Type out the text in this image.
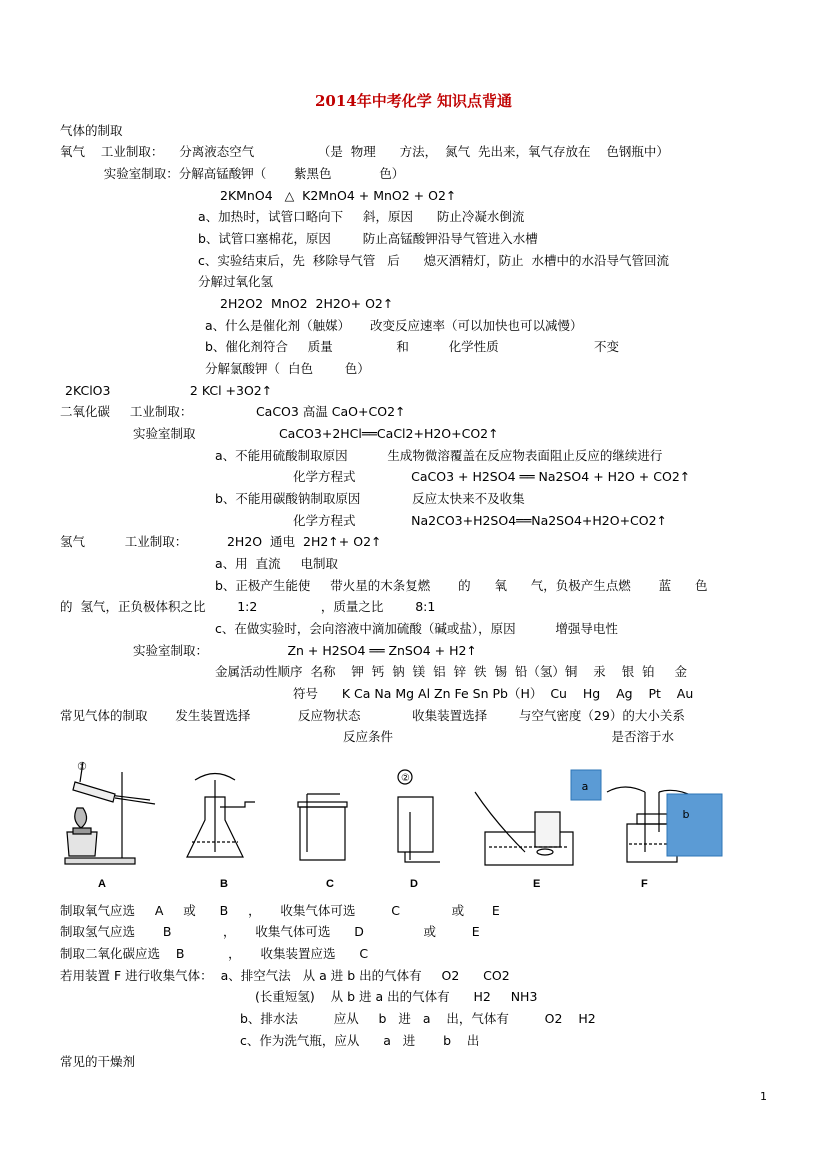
2014年中考化学 知识点背通
气体的制取
氧气    工业制取：    分离液态空气                （是  物理      方法，  氮气  先出来，氧气存放在    色钢瓶中）
实验室制取：分解高锰酸钾（       紫黑色            色）
2KMnO4   △  K2MnO4 + MnO2 + O2↑
a、加热时，试管口略向下     斜，原因      防止冷凝水倒流
b、试管口塞棉花，原因        防止高锰酸钾沿导气管进入水槽
c、实验结束后，先  移除导气管   后      熄灭酒精灯，防止  水槽中的水沿导气管回流
分解过氧化氢
2H2O2  MnO2  2H2O+ O2↑
a、什么是催化剂（触媒）     改变反应速率（可以加快也可以减慢）
b、催化剂符合     质量                和          化学性质                        不变
分解氯酸钾（  白色        色）
2KClO3                    2 KCl +3O2↑
二氧化碳     工业制取：                CaCO3 高温 CaO+CO2↑
实验室制取                     CaCO3+2HCl══CaCl2+H2O+CO2↑
a、不能用硫酸制取原因          生成物微溶覆盖在反应物表面阻止反应的继续进行
化学方程式              CaCO3 + H2SO4 ══ Na2SO4 + H2O + CO2↑
b、不能用碳酸钠制取原因             反应太快来不及收集
化学方程式              Na2CO3+H2SO4══Na2SO4+H2O+CO2↑
氢气          工业制取：          2H2O  通电  2H2↑+ O2↑
a、用  直流     电制取
b、正极产生能使     带火星的木条复燃       的      氧      气，负极产生点燃       蓝      色
的  氢气，正负极体积之比        1:2                ，质量之比        8:1
c、在做实验时，会向溶液中滴加硫酸（碱或盐），原因          增强导电性
实验室制取：                    Zn + H2SO4 ══ ZnSO4 + H2↑
金属活动性顺序  名称    钾  钙  钠  镁  铝  锌  铁  锡  铅（氢）铜    汞    银  铂     金
符号      K Ca Na Mg Al Zn Fe Sn Pb（H）  Cu    Hg    Ag    Pt    Au
常见气体的制取       发生装置选择            反应物状态             收集装置选择        与空气密度（29）的大小关系
反应条件                                                       是否溶于水
a
b
①
②
A	B	C	D	E	F
制取氧气应选     A     或      B     ，     收集气体可选         C             或       E
制取氢气应选       B             ，     收集气体可选      D               或         E
制取二氧化碳应选    B           ，     收集装置应选      C
若用装置 F 进行收集气体：  a、排空气法   从 a 进 b 出的气体有     O2      CO2
(长重短氢)    从 b 进 a 出的气体有      H2     NH3
b、排水法         应从     b   进   a    出，气体有         O2    H2
c、作为洗气瓶，应从      a   进       b    出
常见的干燥剂
1
